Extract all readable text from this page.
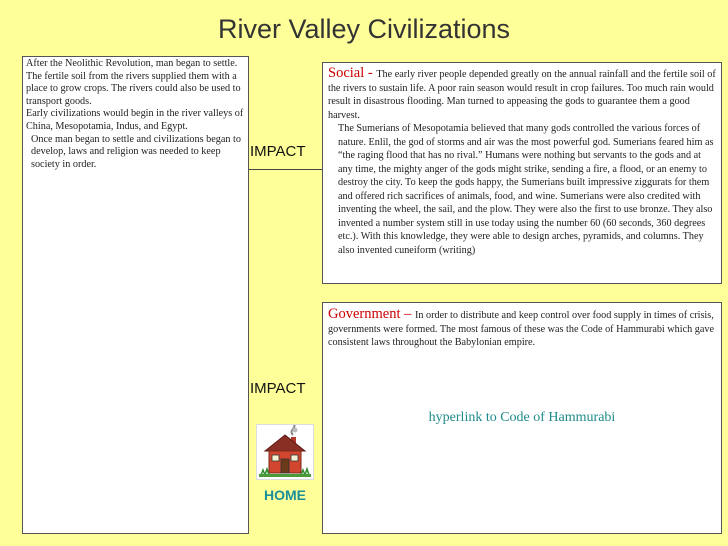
River Valley Civilizations

After the Neolithic Revolution, man began to settle. The fertile soil from the rivers supplied them with a place to grow crops. The rivers could also be used to transport goods.

Early civilizations would begin in the river valleys of China, Mesopotamia, Indus, and Egypt.

Once man began to settle and civilizations began to develop, laws and religion was needed to keep society in order.

IMPACT
IMPACT

Social - The early river people depended greatly on the annual rainfall and the fertile soil of the rivers to sustain life. A poor rain season would result in crop failures. Too much rain would result in disastrous flooding. Man turned to appeasing the gods to guarantee them a good harvest.

The Sumerians of Mesopotamia believed that many gods controlled the various forces of nature. Enlil, the god of storms and air was the most powerful god. Sumerians feared him as “the raging flood that has no rival.” Humans were nothing but servants to the gods and at any time, the mighty anger of the gods might strike, sending a fire, a flood, or an enemy to destroy the city. To keep the gods happy, the Sumerians built impressive ziggurats for them and offered rich sacrifices of animals, food, and wine. Sumerians were also credited with inventing the wheel, the sail, and the plow. They were also the first to use bronze. They also invented a number system still in use today using the number 60 (60 seconds, 360 degrees etc.). With this knowledge, they were able to design arches, pyramids, and columns. They also invented cuneiform (writing)

Government – In order to distribute and keep control over food supply in times of crisis, governments were formed. The most famous of these was the Code of Hammurabi which gave consistent laws throughout the Babylonian empire.

hyperlink to Code of Hammurabi
HOME
